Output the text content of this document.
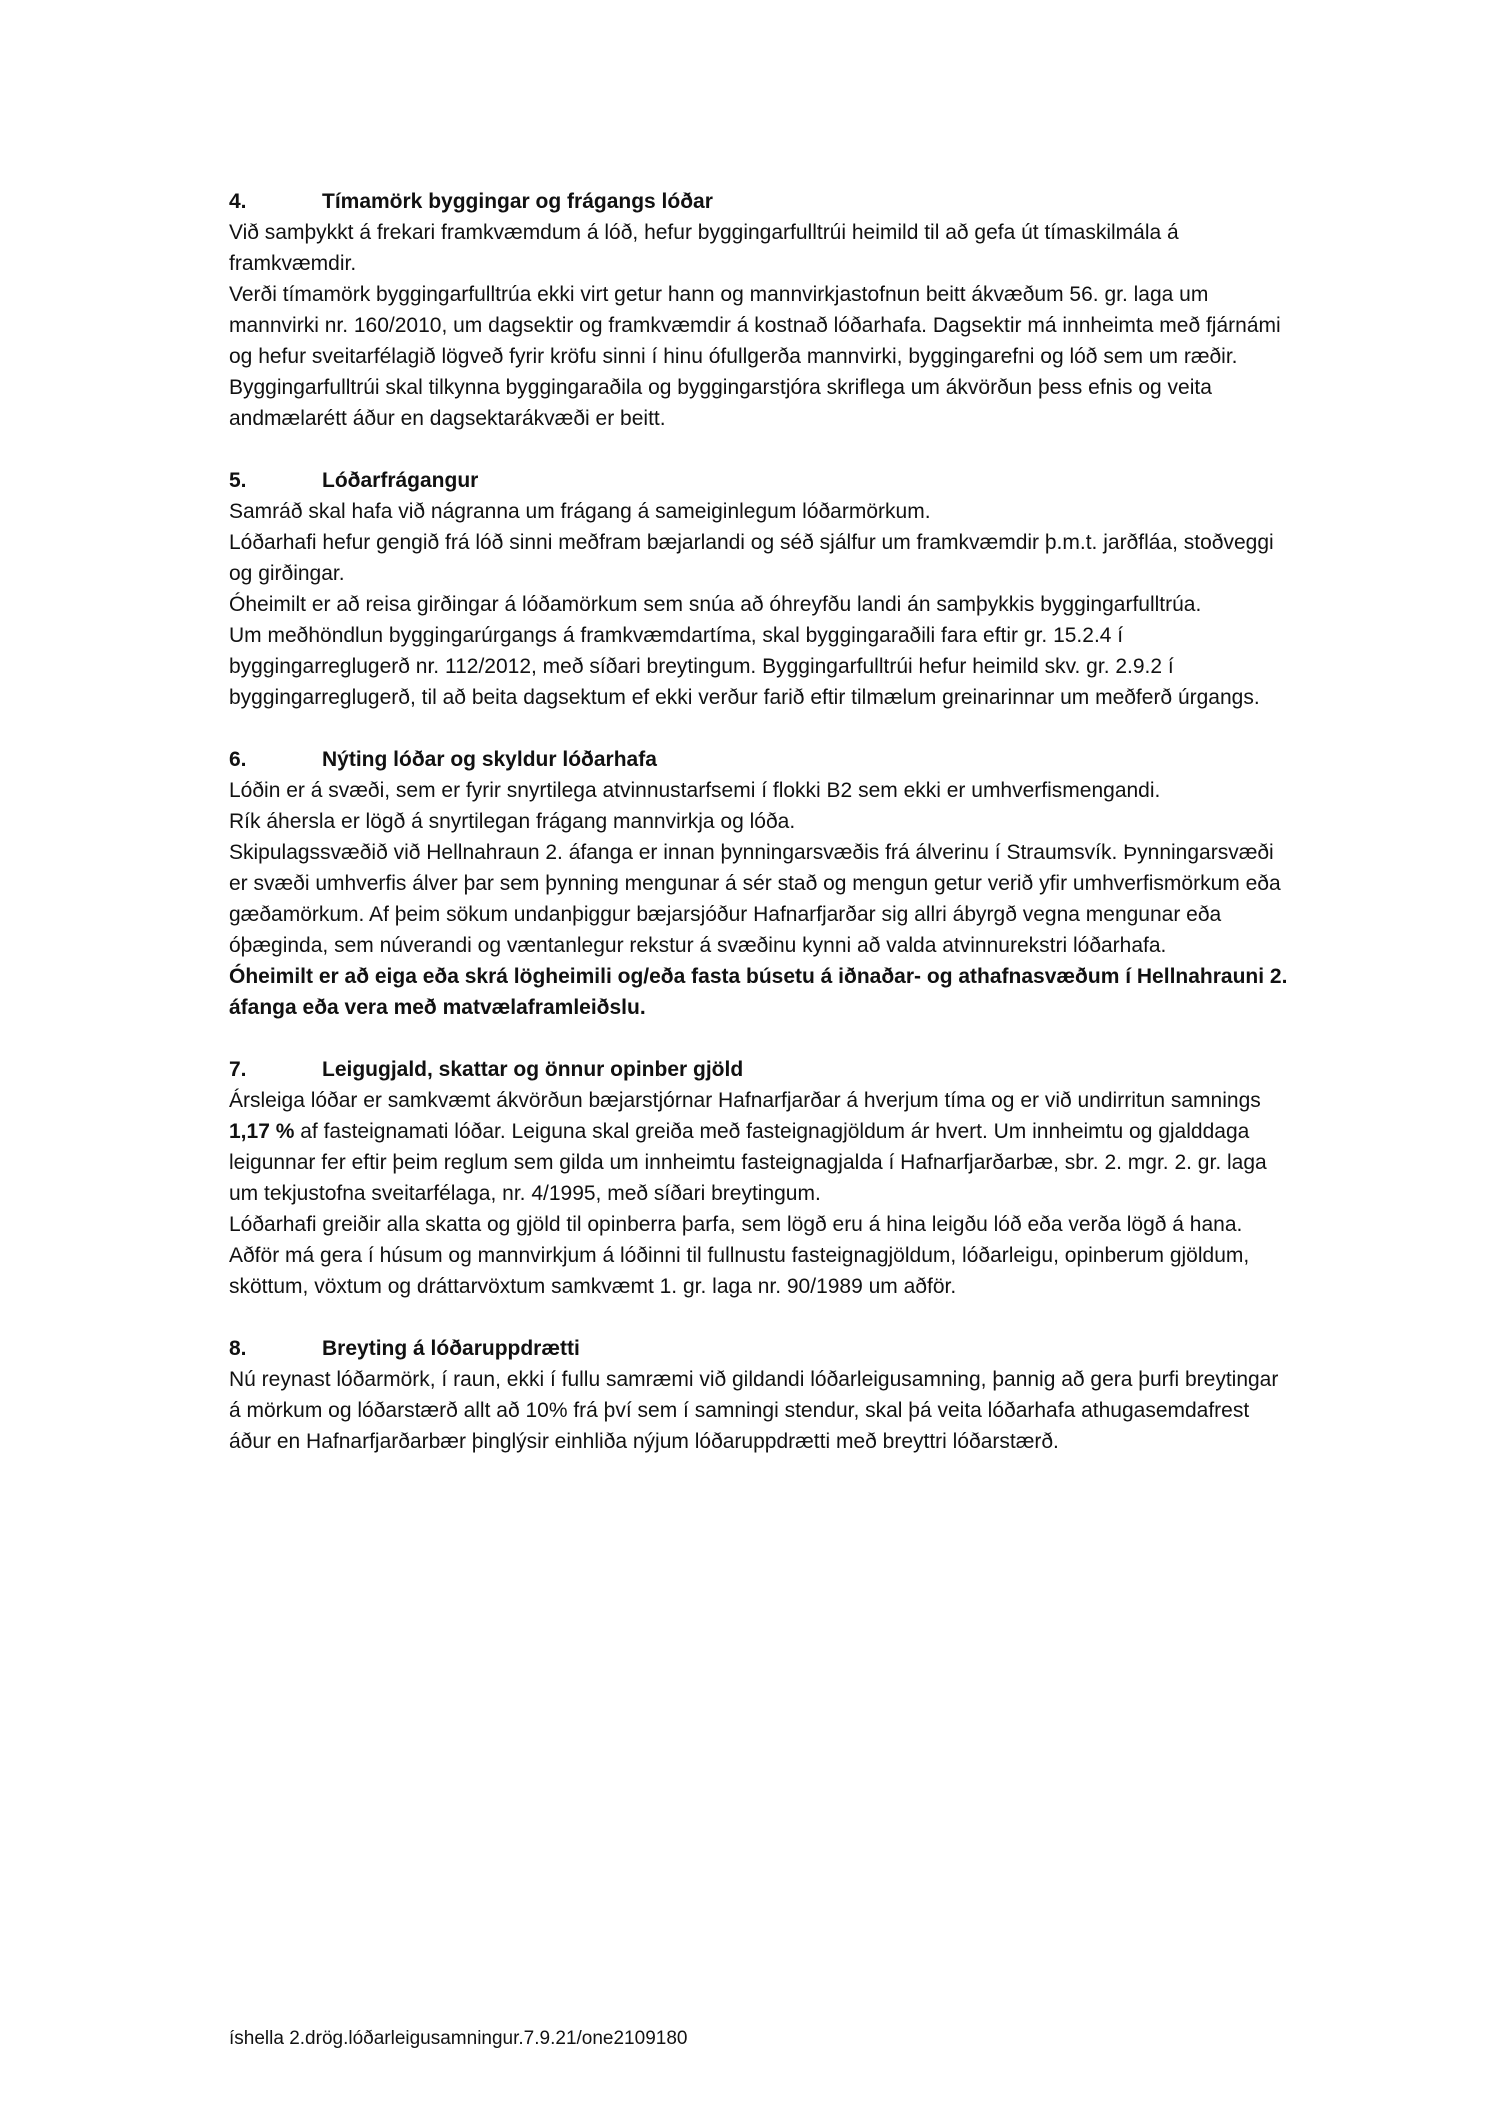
4.	Tímamörk byggingar og frágangs lóðar

Við samþykkt á frekari framkvæmdum á lóð, hefur byggingarfulltrúi heimild til að gefa út tímaskilmála á framkvæmdir.

Verði tímamörk byggingarfulltrúa ekki virt getur hann og mannvirkjastofnun beitt ákvæðum 56. gr. laga um mannvirki nr. 160/2010, um dagsektir og framkvæmdir á kostnað lóðarhafa. Dagsektir má innheimta með fjárnámi og hefur sveitarfélagið lögveð fyrir kröfu sinni í hinu ófullgerða mannvirki, byggingarefni og lóð sem um ræðir. Byggingarfulltrúi skal tilkynna byggingaraðila og byggingarstjóra skriflega um ákvörðun þess efnis og veita andmælarétt áður en dagsektarákvæði er beitt.

5.	Lóðarfrágangur

Samráð skal hafa við nágranna um frágang á sameiginlegum lóðarmörkum.

Lóðarhafi hefur gengið frá lóð sinni meðfram bæjarlandi og séð sjálfur um framkvæmdir þ.m.t. jarðfláa, stoðveggi og girðingar.

Óheimilt er að reisa girðingar á lóðamörkum sem snúa að óhreyfðu landi án samþykkis byggingarfulltrúa.

Um meðhöndlun byggingarúrgangs á framkvæmdartíma, skal byggingaraðili fara eftir gr. 15.2.4 í byggingarreglugerð nr. 112/2012, með síðari breytingum. Byggingarfulltrúi hefur heimild skv. gr. 2.9.2 í byggingarreglugerð, til að beita dagsektum ef ekki verður farið eftir tilmælum greinarinnar um meðferð úrgangs.

6.	Nýting lóðar og skyldur lóðarhafa

Lóðin er á svæði, sem er fyrir snyrtilega atvinnustarfsemi í flokki B2 sem ekki er umhverfismengandi.

Rík áhersla er lögð á snyrtilegan frágang mannvirkja og lóða.

Skipulagssvæðið við Hellnahraun 2. áfanga er innan þynningarsvæðis frá álverinu í Straumsvík. Þynningarsvæði er svæði umhverfis álver þar sem þynning mengunar á sér stað og mengun getur verið yfir umhverfismörkum eða gæðamörkum. Af þeim sökum undanþiggur bæjarsjóður Hafnarfjarðar sig allri ábyrgð vegna mengunar eða óþæginda, sem núverandi og væntanlegur rekstur á svæðinu kynni að valda atvinnurekstri lóðarhafa.

Óheimilt er að eiga eða skrá lögheimili og/eða fasta búsetu á iðnaðar- og athafnasvæðum í Hellnahrauni 2. áfanga eða vera með matvælaframleiðslu.

7.	Leigugjald, skattar og önnur opinber gjöld

Ársleiga lóðar er samkvæmt ákvörðun bæjarstjórnar Hafnarfjarðar á hverjum tíma og er við undirritun samnings 1,17 % af fasteignamati lóðar. Leiguna skal greiða með fasteignagjöldum ár hvert. Um innheimtu og gjalddaga leigunnar fer eftir þeim reglum sem gilda um innheimtu fasteignagjalda í Hafnarfjarðarbæ, sbr. 2. mgr. 2. gr. laga um tekjustofna sveitarfélaga, nr. 4/1995, með síðari breytingum.

Lóðarhafi greiðir alla skatta og gjöld til opinberra þarfa, sem lögð eru á hina leigðu lóð eða verða lögð á hana.

Aðför má gera í húsum og mannvirkjum á lóðinni til fullnustu fasteignagjöldum, lóðarleigu, opinberum gjöldum, sköttum, vöxtum og dráttarvöxtum samkvæmt 1. gr. laga nr. 90/1989 um aðför.

8.	Breyting á lóðaruppdrætti

Nú reynast lóðarmörk, í raun, ekki í fullu samræmi við gildandi lóðarleigusamning, þannig að gera þurfi breytingar á mörkum og lóðarstærð allt að 10% frá því sem í samningi stendur, skal þá veita lóðarhafa athugasemdafrest áður en Hafnarfjarðarbær þinglýsir einhliða nýjum lóðaruppdrætti með breyttri lóðarstærð.

íshella 2.drög.lóðarleigusamningur.7.9.21/one2109180
